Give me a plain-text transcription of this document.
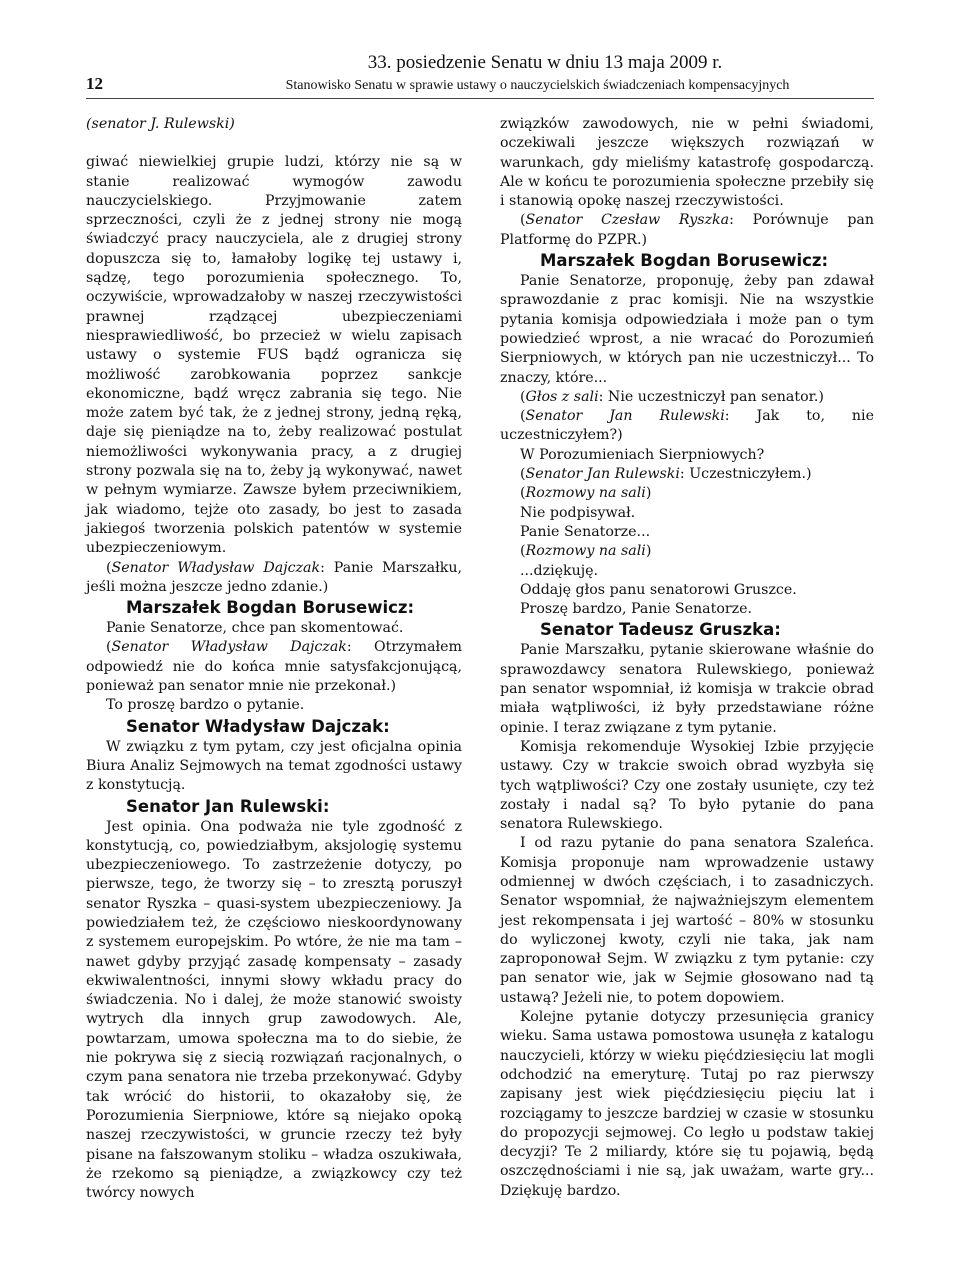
12
33. posiedzenie Senatu w dniu 13 maja 2009 r.
Stanowisko Senatu w sprawie ustawy o nauczycielskich świadczeniach kompensacyjnych

(senator J. Rulewski)

giwać niewielkiej grupie ludzi, którzy nie są w stanie realizować wymogów zawodu nauczycielskiego. Przyjmowanie zatem sprzeczności, czyli że z jednej strony nie mogą świadczyć pracy nauczyciela, ale z drugiej strony dopuszcza się to, łamałoby logikę tej ustawy i, sądzę, tego porozumienia społecznego. To, oczywiście, wprowadzałoby w naszej rzeczywistości prawnej rządzącej ubezpieczeniami niesprawiedliwość, bo przecież w wielu zapisach ustawy o systemie FUS bądź ogranicza się możliwość zarobkowania poprzez sankcje ekonomiczne, bądź wręcz zabrania się tego. Nie może zatem być tak, że z jednej strony, jedną ręką, daje się pieniądze na to, żeby realizować postulat niemożliwości wykonywania pracy, a z drugiej strony pozwala się na to, żeby ją wykonywać, nawet w pełnym wymiarze. Zawsze byłem przeciwnikiem, jak wiadomo, tejże oto zasady, bo jest to zasada jakiegoś tworzenia polskich patentów w systemie ubezpieczeniowym.

(Senator Władysław Dajczak: Panie Marszałku, jeśli można jeszcze jedno zdanie.)

Marszałek Bogdan Borusewicz:

Panie Senatorze, chce pan skomentować.

(Senator Władysław Dajczak: Otrzymałem odpowiedź nie do końca mnie satysfakcjonującą, ponieważ pan senator mnie nie przekonał.)

To proszę bardzo o pytanie.

Senator Władysław Dajczak:

W związku z tym pytam, czy jest oficjalna opinia Biura Analiz Sejmowych na temat zgodności ustawy z konstytucją.

Senator Jan Rulewski:

Jest opinia. Ona podważa nie tyle zgodność z konstytucją, co, powiedziałbym, aksjologię systemu ubezpieczeniowego. To zastrzeżenie dotyczy, po pierwsze, tego, że tworzy się – to zresztą poruszył senator Ryszka – quasi-system ubezpieczeniowy. Ja powiedziałem też, że częściowo nieskoordynowany z systemem europejskim. Po wtóre, że nie ma tam – nawet gdyby przyjąć zasadę kompensaty – zasady ekwiwalentności, innymi słowy wkładu pracy do świadczenia. No i dalej, że może stanowić swoisty wytrych dla innych grup zawodowych. Ale, powtarzam, umowa społeczna ma to do siebie, że nie pokrywa się z siecią rozwiązań racjonalnych, o czym pana senatora nie trzeba przekonywać. Gdyby tak wrócić do historii, to okazałoby się, że Porozumienia Sierpniowe, które są niejako opoką naszej rzeczywistości, w gruncie rzeczy też były pisane na fałszowanym stoliku – władza oszukiwała, że rzekomo są pieniądze, a związkowcy czy też twórcy nowych

związków zawodowych, nie w pełni świadomi, oczekiwali jeszcze większych rozwiązań w warunkach, gdy mieliśmy katastrofę gospodarczą. Ale w końcu te porozumienia społeczne przebiły się i stanowią opokę naszej rzeczywistości.

(Senator Czesław Ryszka: Porównuje pan Platformę do PZPR.)

Marszałek Bogdan Borusewicz:

Panie Senatorze, proponuję, żeby pan zdawał sprawozdanie z prac komisji. Nie na wszystkie pytania komisja odpowiedziała i może pan o tym powiedzieć wprost, a nie wracać do Porozumień Sierpniowych, w których pan nie uczestniczył... To znaczy, które...

(Głos z sali: Nie uczestniczył pan senator.)

(Senator Jan Rulewski: Jak to, nie uczestniczyłem?)

W Porozumieniach Sierpniowych?

(Senator Jan Rulewski: Uczestniczyłem.)

(Rozmowy na sali)

Nie podpisywał.

Panie Senatorze...

(Rozmowy na sali)

...dziękuję.

Oddaję głos panu senatorowi Gruszce.

Proszę bardzo, Panie Senatorze.

Senator Tadeusz Gruszka:

Panie Marszałku, pytanie skierowane właśnie do sprawozdawcy senatora Rulewskiego, ponieważ pan senator wspomniał, iż komisja w trakcie obrad miała wątpliwości, iż były przedstawiane różne opinie. I teraz związane z tym pytanie.

Komisja rekomenduje Wysokiej Izbie przyjęcie ustawy. Czy w trakcie swoich obrad wyzbyła się tych wątpliwości? Czy one zostały usunięte, czy też zostały i nadal są? To było pytanie do pana senatora Rulewskiego.

I od razu pytanie do pana senatora Szaleńca. Komisja proponuje nam wprowadzenie ustawy odmiennej w dwóch częściach, i to zasadniczych. Senator wspomniał, że najważniejszym elementem jest rekompensata i jej wartość – 80% w stosunku do wyliczonej kwoty, czyli nie taka, jak nam zaproponował Sejm. W związku z tym pytanie: czy pan senator wie, jak w Sejmie głosowano nad tą ustawą? Jeżeli nie, to potem dopowiem.

Kolejne pytanie dotyczy przesunięcia granicy wieku. Sama ustawa pomostowa usunęła z katalogu nauczycieli, którzy w wieku pięćdziesięciu lat mogli odchodzić na emeryturę. Tutaj po raz pierwszy zapisany jest wiek pięćdziesięciu pięciu lat i rozciągamy to jeszcze bardziej w czasie w stosunku do propozycji sejmowej. Co legło u podstaw takiej decyzji? Te 2 miliardy, które się tu pojawią, będą oszczędnościami i nie są, jak uważam, warte gry... Dziękuję bardzo.
